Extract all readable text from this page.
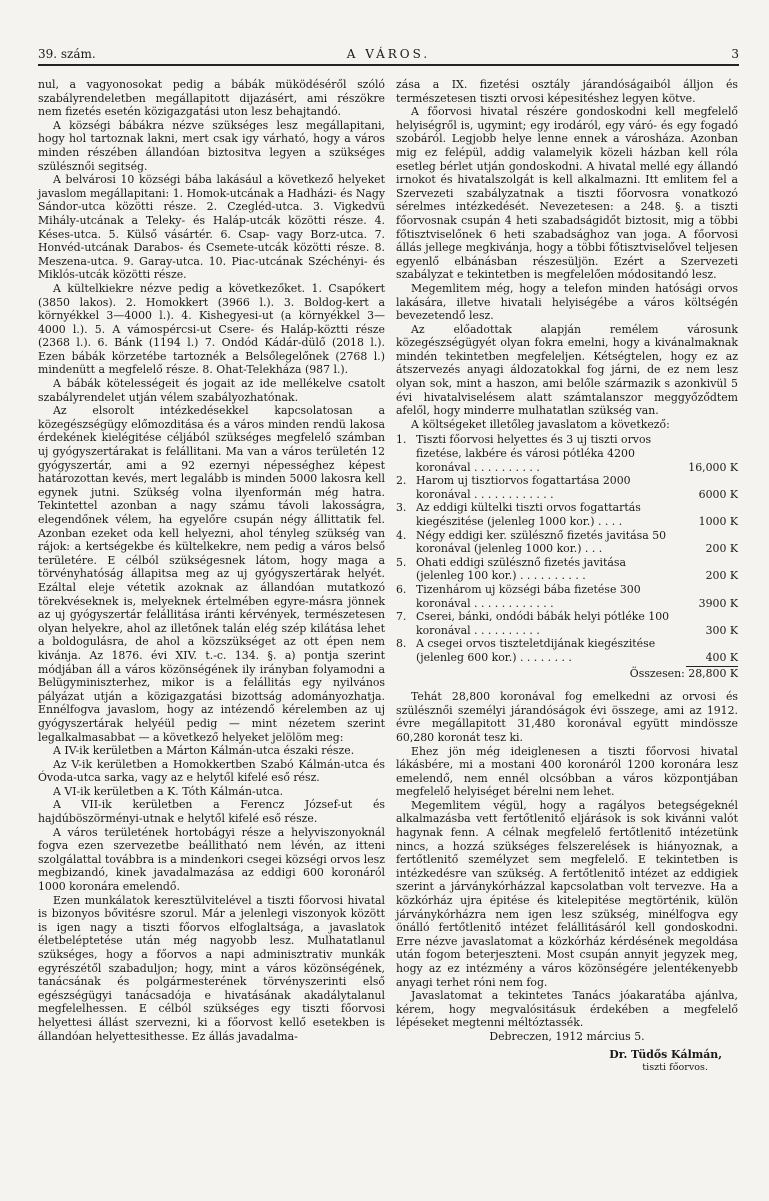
39. szám.	A VÁROS.	3

nul, a vagyonosokat pedig a bábák müködéséről szóló szabályrendeletben megállapitott dijazásért, ami részökre nem fizetés esetén közigazgatási uton lesz behajtandó.

A községi bábákra nézve szükséges lesz megállapitani, hogy hol tartoznak lakni, mert csak igy várható, hogy a város minden részében állandóan biztositva legyen a szükséges szülésznői segitség.

A belvárosi 10 községi bába lakásául a következő helyeket javaslom megállapitani: 1. Homok-utcának a Hadházi- és Nagy Sándor-utca közötti része. 2. Czegléd-utca. 3. Vigkedvü Mihály-utcának a Teleky- és Haláp-utcák közötti része. 4. Késes-utca. 5. Külső vásártér. 6. Csap- vagy Borz-utca. 7. Honvéd-utcának Darabos- és Csemete-utcák közötti része. 8. Meszena-utca. 9. Garay-utca. 10. Piac-utcának Széchényi- és Miklós-utcák közötti része.

A kültelkiekre nézve pedig a következőket. 1. Csapókert (3850 lakos). 2. Homokkert (3966 l.). 3. Boldog-kert a környékkel 3—4000 l.). 4. Kishegyesi-ut (a környékkel 3—4000 l.). 5. A vámospércsi-ut Csere- és Haláp-köztti része (2368 l.). 6. Bánk (1194 l.) 7. Ondód Kádár-dülő (2018 l.). Ezen bábák körzetébe tartoznék a Belsőlegelőnek (2768 l.) mindenütt a megfelelő része. 8. Ohat-Telekháza (987 l.).

A bábák kötelességeit és jogait az ide mellékelve csatolt szabályrendelet utján vélem szabályozhatónak.

Az elsorolt intézkedésekkel kapcsolatosan a közegészségügy előmozditása és a város minden rendü lakosa érdekének kielégitése céljából szükséges megfelelő számban uj gyógyszertárakat is felállitani. Ma van a város területén 12 gyógyszertár, ami a 92 ezernyi népességhez képest határozottan kevés, mert legalább is minden 5000 lakosra kell egynek jutni. Szükség volna ilyenformán még hatra. Tekintettel azonban a nagy számu távoli lakosságra, elegendőnek vélem, ha egyelőre csupán négy állittatik fel. Azonban ezeket oda kell helyezni, ahol tényleg szükség van rájok: a kertségekbe és kültelkekre, nem pedig a város belső területére. E célból szükségesnek látom, hogy maga a törvényhatóság állapitsa meg az uj gyógyszertárak helyét. Ezáltal eleje vétetik azoknak az állandóan mutatkozó törekvéseknek is, melyeknek értelmében egyre-másra jönnek az uj gyógyszertár felállitása iránti kérvények, természetesen olyan helyekre, ahol az illetőnek talán elég szép kilátása lehet a boldogulásra, de ahol a közszükséget az ott épen nem kivánja. Az 1876. évi XIV. t.-c. 134. §. a) pontja szerint módjában áll a város közönségének ily irányban folyamodni a Belügyminiszterhez, mikor is a felállitás egy nyilvános pályázat utján a közigazgatási bizottság adományozhatja. Ennélfogva javaslom, hogy az intézendő kérelemben az uj gyógyszertárak helyéül pedig — mint nézetem szerint legalkalmasabbat — a következő helyeket jelölöm meg:

A IV-ik kerületben a Márton Kálmán-utca északi része.

Az V-ik kerületben a Homokkertben Szabó Kálmán-utca és Óvoda-utca sarka, vagy az e helytől kifelé eső rész.

A VI-ik kerületben a K. Tóth Kálmán-utca.

A VII-ik kerületben a Ferencz József-ut és hajdúböszörményi-utnak e helytől kifelé eső része.

A város területének hortobágyi része a helyviszonyoknál fogva ezen szervezetbe beállitható nem lévén, az itteni szolgálattal továbbra is a mindenkori csegei községi orvos lesz megbizandó, kinek javadalmazása az eddigi 600 koronáról 1000 koronára emelendő.

Ezen munkálatok keresztülvitelével a tiszti főorvosi hivatal is bizonyos bővitésre szorul. Már a jelenlegi viszonyok között is igen nagy a tiszti főorvos elfoglaltsága, a javaslatok életbeléptetése után még nagyobb lesz. Mulhatatlanul szükséges, hogy a főorvos a napi adminisztrativ munkák egyrészétől szabaduljon; hogy, mint a város közönségének, tanácsának és polgármesterének törvényszerinti első egészségügyi tanácsadója e hivatásának akadálytalanul megfelelhessen. E célból szükséges egy tiszti főorvosi helyettesi állást szervezni, ki a főorvost kellő esetekben is állandóan helyettesithesse. Ez állás javadalma-

zása a IX. fizetési osztály járandóságaiból álljon és természetesen tiszti orvosi képesitéshez legyen kötve.

A főorvosi hivatal részére gondoskodni kell megfelelő helyiségről is, ugymint; egy irodáról, egy váró- és egy fogadó szobáról. Legjobb helye lenne ennek a városházа. Azonban mig ez felépül, addig valamelyik közeli házban kell róla esetleg bérlet utján gondoskodni. A hivatal mellé egy állandó irnokot és hivatalszolgát is kell alkalmazni. Itt emlitem fel a Szervezeti szabályzatnak a tiszti főorvosra vonatkozó sérelmes intézkedését. Nevezetesen: a 248. §. a tiszti főorvosnak csupán 4 heti szabadságidőt biztosit, mig a többi főtisztviselőnek 6 heti szabadsághoz van joga. A főorvosi állás jellege megkivánja, hogy a többi főtisztviselővel teljesen egyenlő elbánásban részesüljön. Ezért a Szervezeti szabályzat e tekintetben is megfelelően módositandó lesz.

Megemlitem még, hogy a telefon minden hatósági orvos lakására, illetve hivatali helyiségébe a város költségén bevezetendő lesz.

Az előadottak alapján remélem városunk közegészségügyét olyan fokra emelni, hogy a kivánalmaknak mindén tekintetben megfeleljen. Kétségtelen, hogy ez az átszervezés anyagi áldozatokkal fog járni, de ez nem lesz olyan sok, mint a haszon, ami belőle származik s azonkivül 5 évi hivatalviselésem alatt számtalanszor meggyőződtem afelől, hogy minderre mulhatatlan szükség van.

A költségeket illetőleg javaslatom a következő:

1. Tiszti főorvosi helyettes és 3 uj tiszti orvos fizetése, lakbére és városi pótléka 4200 koronával . . . . . . . . . .	16,000 K
2. Harom uj tisztiorvos fogattartása 2000 koronával . . . . . . . . . . . .	6000 K
3. Az eddigi kültelki tiszti orvos fogattartás kiegészitése (jelenleg 1000 kor.) . . . .	1000 K
4. Négy eddigi ker. szülésznő fizetés javitása 50 koronával (jelenleg 1000 kor.) . . .	200 K
5. Ohati eddigi szülésznő fizetés javitása (jelenleg 100 kor.) . . . . . . . . . .	200 K
6. Tizenhárom uj községi bába fizetése 300 koronával . . . . . . . . . . . .	3900 K
7. Cserei, bánki, ondódi bábák helyi pótléke 100 koronával . . . . . . . . . .	300 K
8. A csegei orvos tiszteletdijának kiegészitése (jelenleg 600 kor.) . . . . . . . .	400 K
Összesen: 28,800 K

Tehát 28,800 koronával fog emelkedni az orvosi és szülésznői személyi járandóságok évi összege, ami az 1912. évre megállapitott 31,480 koronával együtt mindösszе 60,280 koronát tesz ki.

Ehez jön még ideiglenesen a tiszti főorvosi hivatal lákásbére, mi a mostani 400 koronáról 1200 koronára lesz emelendő, nem ennél olcsóbban a város központjában megfelelő helyiséget bérelni nem lehet.

Megemlitem végül, hogy a ragályos betegségeknél alkalmazásba vett fertőtlenitő eljárások is sok kivánni valót hagynak fenn. A célnak megfelelő fertőtlenitő intézetünk nincs, a hozzá szükséges felszerelések is hiányoznak, a fertőtlenitő személyzet sem megfelelő. E tekintetben is intézkedésre van szükség. A fertőtlenitő intézet az eddigiek szerint a járványkórházzal kapcsolatban volt tervezve. Ha a közkórház ujra épitése és kitelepitése megtörténik, külön járványkórházra nem igen lesz szükség, minélfogva egy önálló fertőtlenitő intézet felállitásáról kell gondoskodni. Erre nézve javaslatomat a közkórház kérdésének megoldása után fogom beterjeszteni. Most csupán annyit jegyzek meg, hogy az ez intézmény a város közönségére jelentékenyebb anyagi terhet róni nem fog.

Javaslatomat a tekintetes Tanács jóakaratába ajánlva, kérem, hogy megvalósitásuk érdekében a megfelelő lépéseket megtenni méltóztassék.

Debreczen, 1912 március 5.

Dr. Tüdős Kálmán,
tiszti főorvos.
